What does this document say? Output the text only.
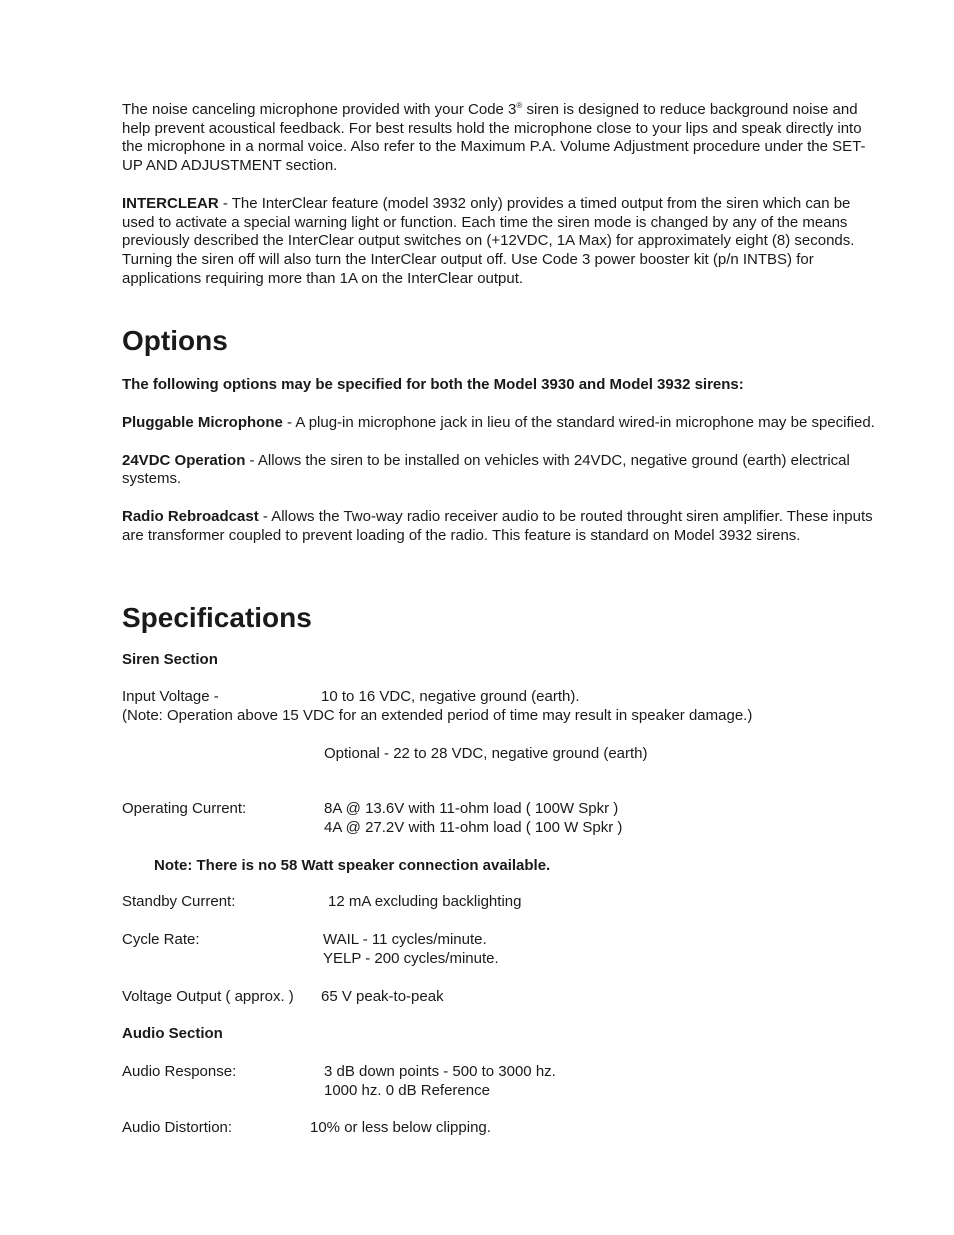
The noise canceling microphone provided with your Code 3® siren is designed to reduce background noise and help prevent acoustical feedback. For best results hold the microphone close to your lips and speak directly into the microphone in a normal voice. Also refer to the Maximum P.A. Volume Adjustment procedure under the SET-UP AND ADJUSTMENT section.

INTERCLEAR - The InterClear feature (model 3932 only) provides a timed output from the siren which can be used to activate a special warning light or function. Each time the siren mode is changed by any of the means previously described the InterClear output switches on (+12VDC, 1A Max) for approximately eight (8) seconds. Turning the siren off will also turn the InterClear output off. Use Code 3 power booster kit (p/n INTBS) for applications requiring more than 1A on the InterClear output.

Options

The following options may be specified for both the Model 3930 and Model 3932 sirens:

Pluggable Microphone - A plug-in microphone jack in lieu of the standard wired-in microphone may be specified.

24VDC Operation - Allows the siren to be installed on vehicles with 24VDC, negative ground (earth) electrical systems.

Radio Rebroadcast - Allows the Two-way radio receiver audio to be routed throught siren amplifier. These inputs are transformer coupled to prevent loading of the radio. This feature is standard on Model 3932 sirens.

Specifications

Siren Section

Input Voltage -	10 to 16 VDC, negative ground (earth).

(Note: Operation above 15 VDC for an extended period of time may result in speaker damage.)

Optional - 22 to 28 VDC, negative ground (earth)
Operating Current:	8A @ 13.6V with 11-ohm load ( 100W Spkr )

4A @ 27.2V with 11-ohm load ( 100 W Spkr )

Note: There is no 58 Watt speaker connection available.

Standby Current:	12 mA excluding backlighting
Cycle Rate:	WAIL - 11 cycles/minute.

YELP - 200 cycles/minute.
Voltage Output ( approx. ) 65 V peak-to-peak

Audio Section

Audio Response:	3 dB down points - 500 to 3000 hz.

1000 hz. 0 dB Reference
Audio Distortion:	10% or less below clipping.
